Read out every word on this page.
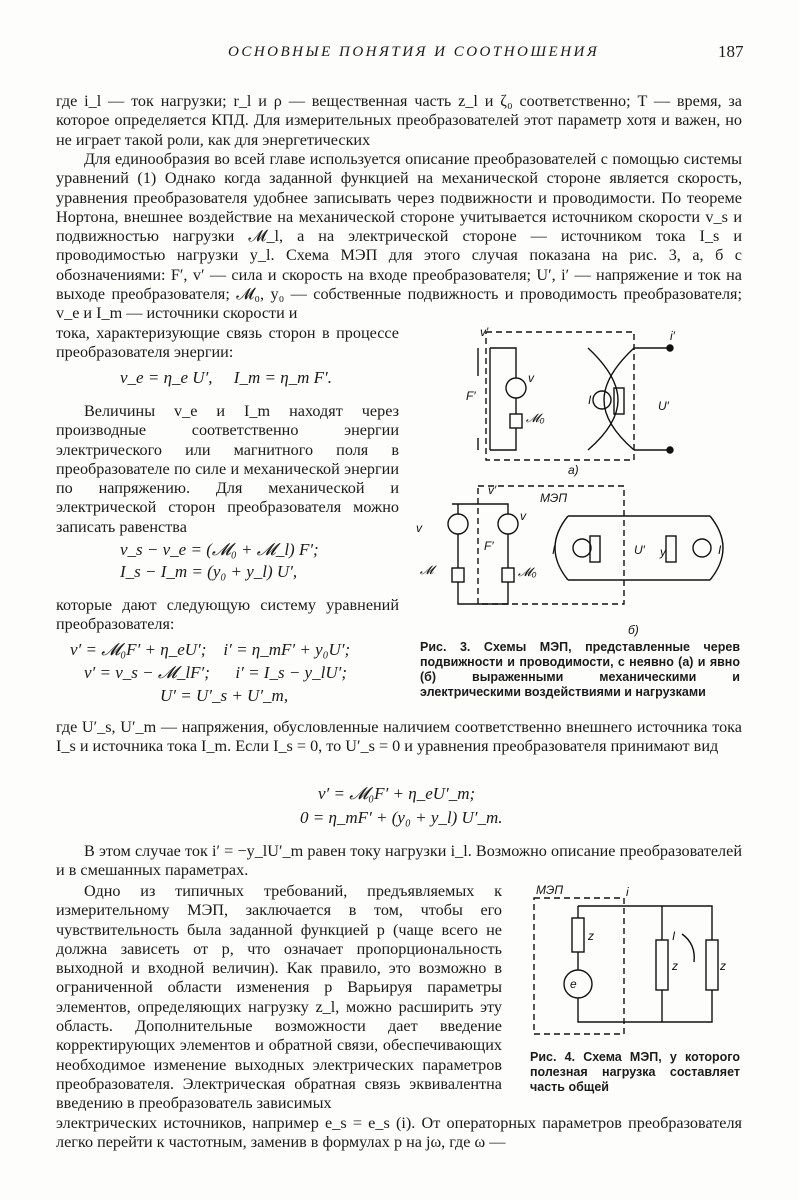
ОСНОВНЫЕ ПОНЯТИЯ И СООТНОШЕНИЯ	187

где i_l — ток нагрузки; r_l и ρ — вещественная часть z_l и ζ₀ соответственно; T — время, за которое определяется КПД. Для измерительных преобразователей этот параметр хотя и важен, но не играет такой роли, как для энергетических

Для единообразия во всей главе используется описание преобразователей с помощью системы уравнений (1) Однако когда заданной функцией на механической стороне является скорость, уравнения преобразователя удобнее записывать через подвижности и проводимости. По теореме Нортона, внешнее воздействие на механической стороне учитывается источником скорости v_s и подвижностью нагрузки 𝓜_l, а на электрической стороне — источником тока I_s и проводимостью нагрузки y_l. Схема МЭП для этого случая показана на рис. 3, а, б с обозначениями: F′, v′ — сила и скорость на входе преобразователя; U′, i′ — напряжение и ток на выходе преобразователя; 𝓜₀, y₀ — собственные подвижность и проводимость преобразователя; v_e и I_m — источники скорости и

тока, характеризующие связь сторон в процессе преобразователя энергии:

v_e = η_e U′,     I_m = η_m F′.

Величины v_e и I_m находят через производные соответственно энергии электрического или магнитного поля в преобразователе по силе и механической энергии по напряжению. Для механической и электрической сторон преобразователя можно записать равенства

v_s − v_e = (𝓜₀ + 𝓜_l) F′;
I_s − I_m = (y₀ + y_l) U′,

которые дают следующую систему уравнений преобразователя:

v′ = 𝓜₀F′ + η_eU′;    i′ = η_mF′ + y₀U′;
v′ = v_s − 𝓜_lF′;      i′ = I_s − y_lU′;
U′ = U′_s + U′_m,
v′	i′
F′
v
𝓜₀
I	U′
а)
v′
МЭП
v
v
F′
𝓜	𝓜₀
I	U′ y	I
б)
Рис. 3. Схемы МЭП, представленные черев подвижности и проводимости, с неявно (а) и явно (б) выраженными механическими и электрическими воздействиями и нагрузками

где U′_s, U′_m — напряжения, обусловленные наличием соответственно внешнего источника тока I_s и источника тока I_m. Если I_s = 0, то U′_s = 0 и уравнения преобразователя принимают вид

v′ = 𝓜₀F′ + η_eU′_m;
0 = η_mF′ + (y₀ + y_l) U′_m.

В этом случае ток i′ = −y_lU′_m равен току нагрузки i_l. Возможно описание преобразователей и в смешанных параметрах.

Одно из типичных требований, предъявляемых к измерительному МЭП, заключается в том, чтобы его чувствительность была заданной функцией p (чаще всего не должна зависеть от p, что означает пропорциональность выходной и входной величин). Как правило, это возможно в ограниченной области изменения p Варьируя параметры элементов, определяющих нагрузку z_l, можно расширить эту область. Дополнительные возможности дает введение корректирующих элементов и обратной связи, обеспечивающих необходимое изменение выходных электрических параметров преобразователя. Электрическая обратная связь эквивалентна введению в преобразователь зависимых

электрических источников, например e_s = e_s (i). От операторных параметров преобразователя легко перейти к частотным, заменив в формулах p на jω, где ω —

МЭП	i
z
e
I
z	z
Рис. 4. Схема МЭП, у которого полезная нагрузка составляет часть общей
